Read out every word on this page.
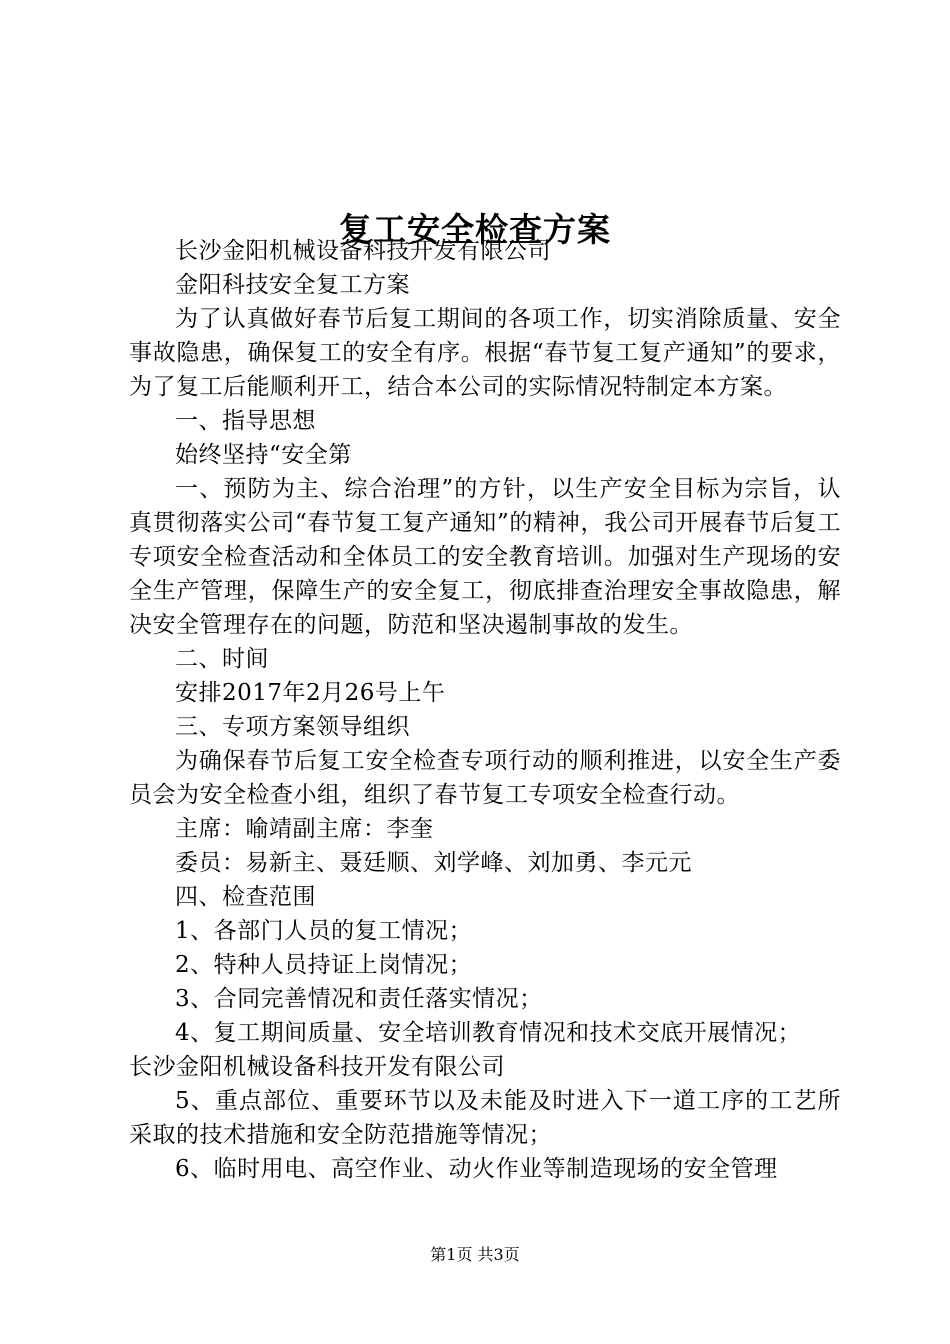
复工安全检查方案

长沙金阳机械设备科技开发有限公司

金阳科技安全复工方案

为了认真做好春节后复工期间的各项工作，切实消除质量、安全事故隐患，确保复工的安全有序。根据“春节复工复产通知”的要求，为了复工后能顺利开工，结合本公司的实际情况特制定本方案。

一、指导思想

始终坚持“安全第

一、预防为主、综合治理”的方针，以生产安全目标为宗旨，认真贯彻落实公司“春节复工复产通知”的精神，我公司开展春节后复工专项安全检查活动和全体员工的安全教育培训。加强对生产现场的安全生产管理，保障生产的安全复工，彻底排查治理安全事故隐患，解决安全管理存在的问题，防范和坚决遏制事故的发生。

二、时间

安排2017年2月26号上午

三、专项方案领导组织

为确保春节后复工安全检查专项行动的顺利推进，以安全生产委员会为安全检查小组，组织了春节复工专项安全检查行动。

主席：喻靖副主席：李奎

委员：易新主、聂廷顺、刘学峰、刘加勇、李元元

四、检查范围

1、各部门人员的复工情况；

2、特种人员持证上岗情况；

3、合同完善情况和责任落实情况；

4、复工期间质量、安全培训教育情况和技术交底开展情况；

长沙金阳机械设备科技开发有限公司

5、重点部位、重要环节以及未能及时进入下一道工序的工艺所采取的技术措施和安全防范措施等情况；

6、临时用电、高空作业、动火作业等制造现场的安全管理

第1页 共3页
